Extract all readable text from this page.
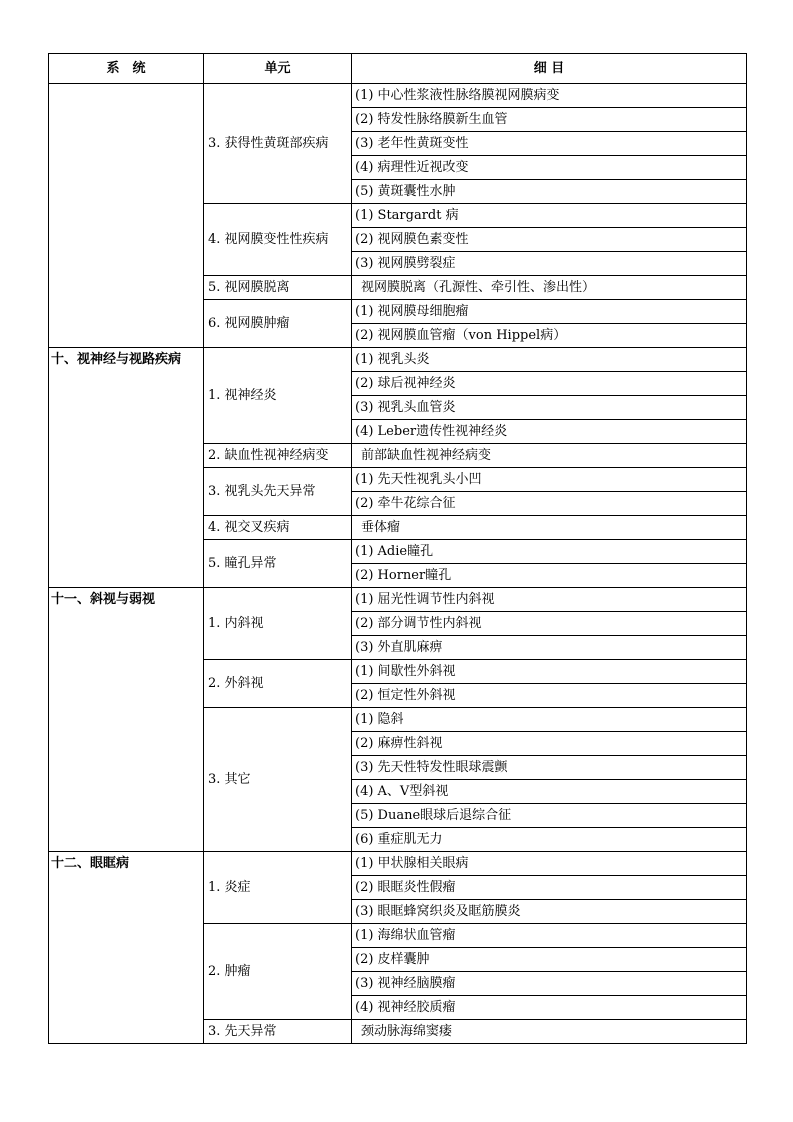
系　统	单元	细 目
	3. 获得性黄斑部疾病	(1) 中心性浆液性脉络膜视网膜病变
		(2) 特发性脉络膜新生血管
		(3) 老年性黄斑变性
		(4) 病理性近视改变
		(5) 黄斑囊性水肿
	4. 视网膜变性性疾病	(1) Stargardt 病
		(2) 视网膜色素变性
		(3) 视网膜劈裂症
	5. 视网膜脱离	视网膜脱离（孔源性、牵引性、渗出性）
	6. 视网膜肿瘤	(1) 视网膜母细胞瘤
		(2) 视网膜血管瘤（von Hippel病）
十、视神经与视路疾病	1. 视神经炎	(1) 视乳头炎
		(2) 球后视神经炎
		(3) 视乳头血管炎
		(4) Leber遗传性视神经炎
	2. 缺血性视神经病变	前部缺血性视神经病变
	3. 视乳头先天异常	(1) 先天性视乳头小凹
		(2) 牵牛花综合征
	4. 视交叉疾病	垂体瘤
	5. 瞳孔异常	(1) Adie瞳孔
		(2) Horner瞳孔
十一、斜视与弱视	1. 内斜视	(1) 屈光性调节性内斜视
		(2) 部分调节性内斜视
		(3) 外直肌麻痹
	2. 外斜视	(1) 间歇性外斜视
		(2) 恒定性外斜视
	3. 其它	(1) 隐斜
		(2) 麻痹性斜视
		(3) 先天性特发性眼球震颤
		(4) A、V型斜视
		(5) Duane眼球后退综合征
		(6) 重症肌无力
十二、眼眶病	1. 炎症	(1) 甲状腺相关眼病
		(2) 眼眶炎性假瘤
		(3) 眼眶蜂窝织炎及眶筋膜炎
	2. 肿瘤	(1) 海绵状血管瘤
		(2) 皮样囊肿
		(3) 视神经脑膜瘤
		(4) 视神经胶质瘤
	3. 先天异常	颈动脉海绵窦瘘
